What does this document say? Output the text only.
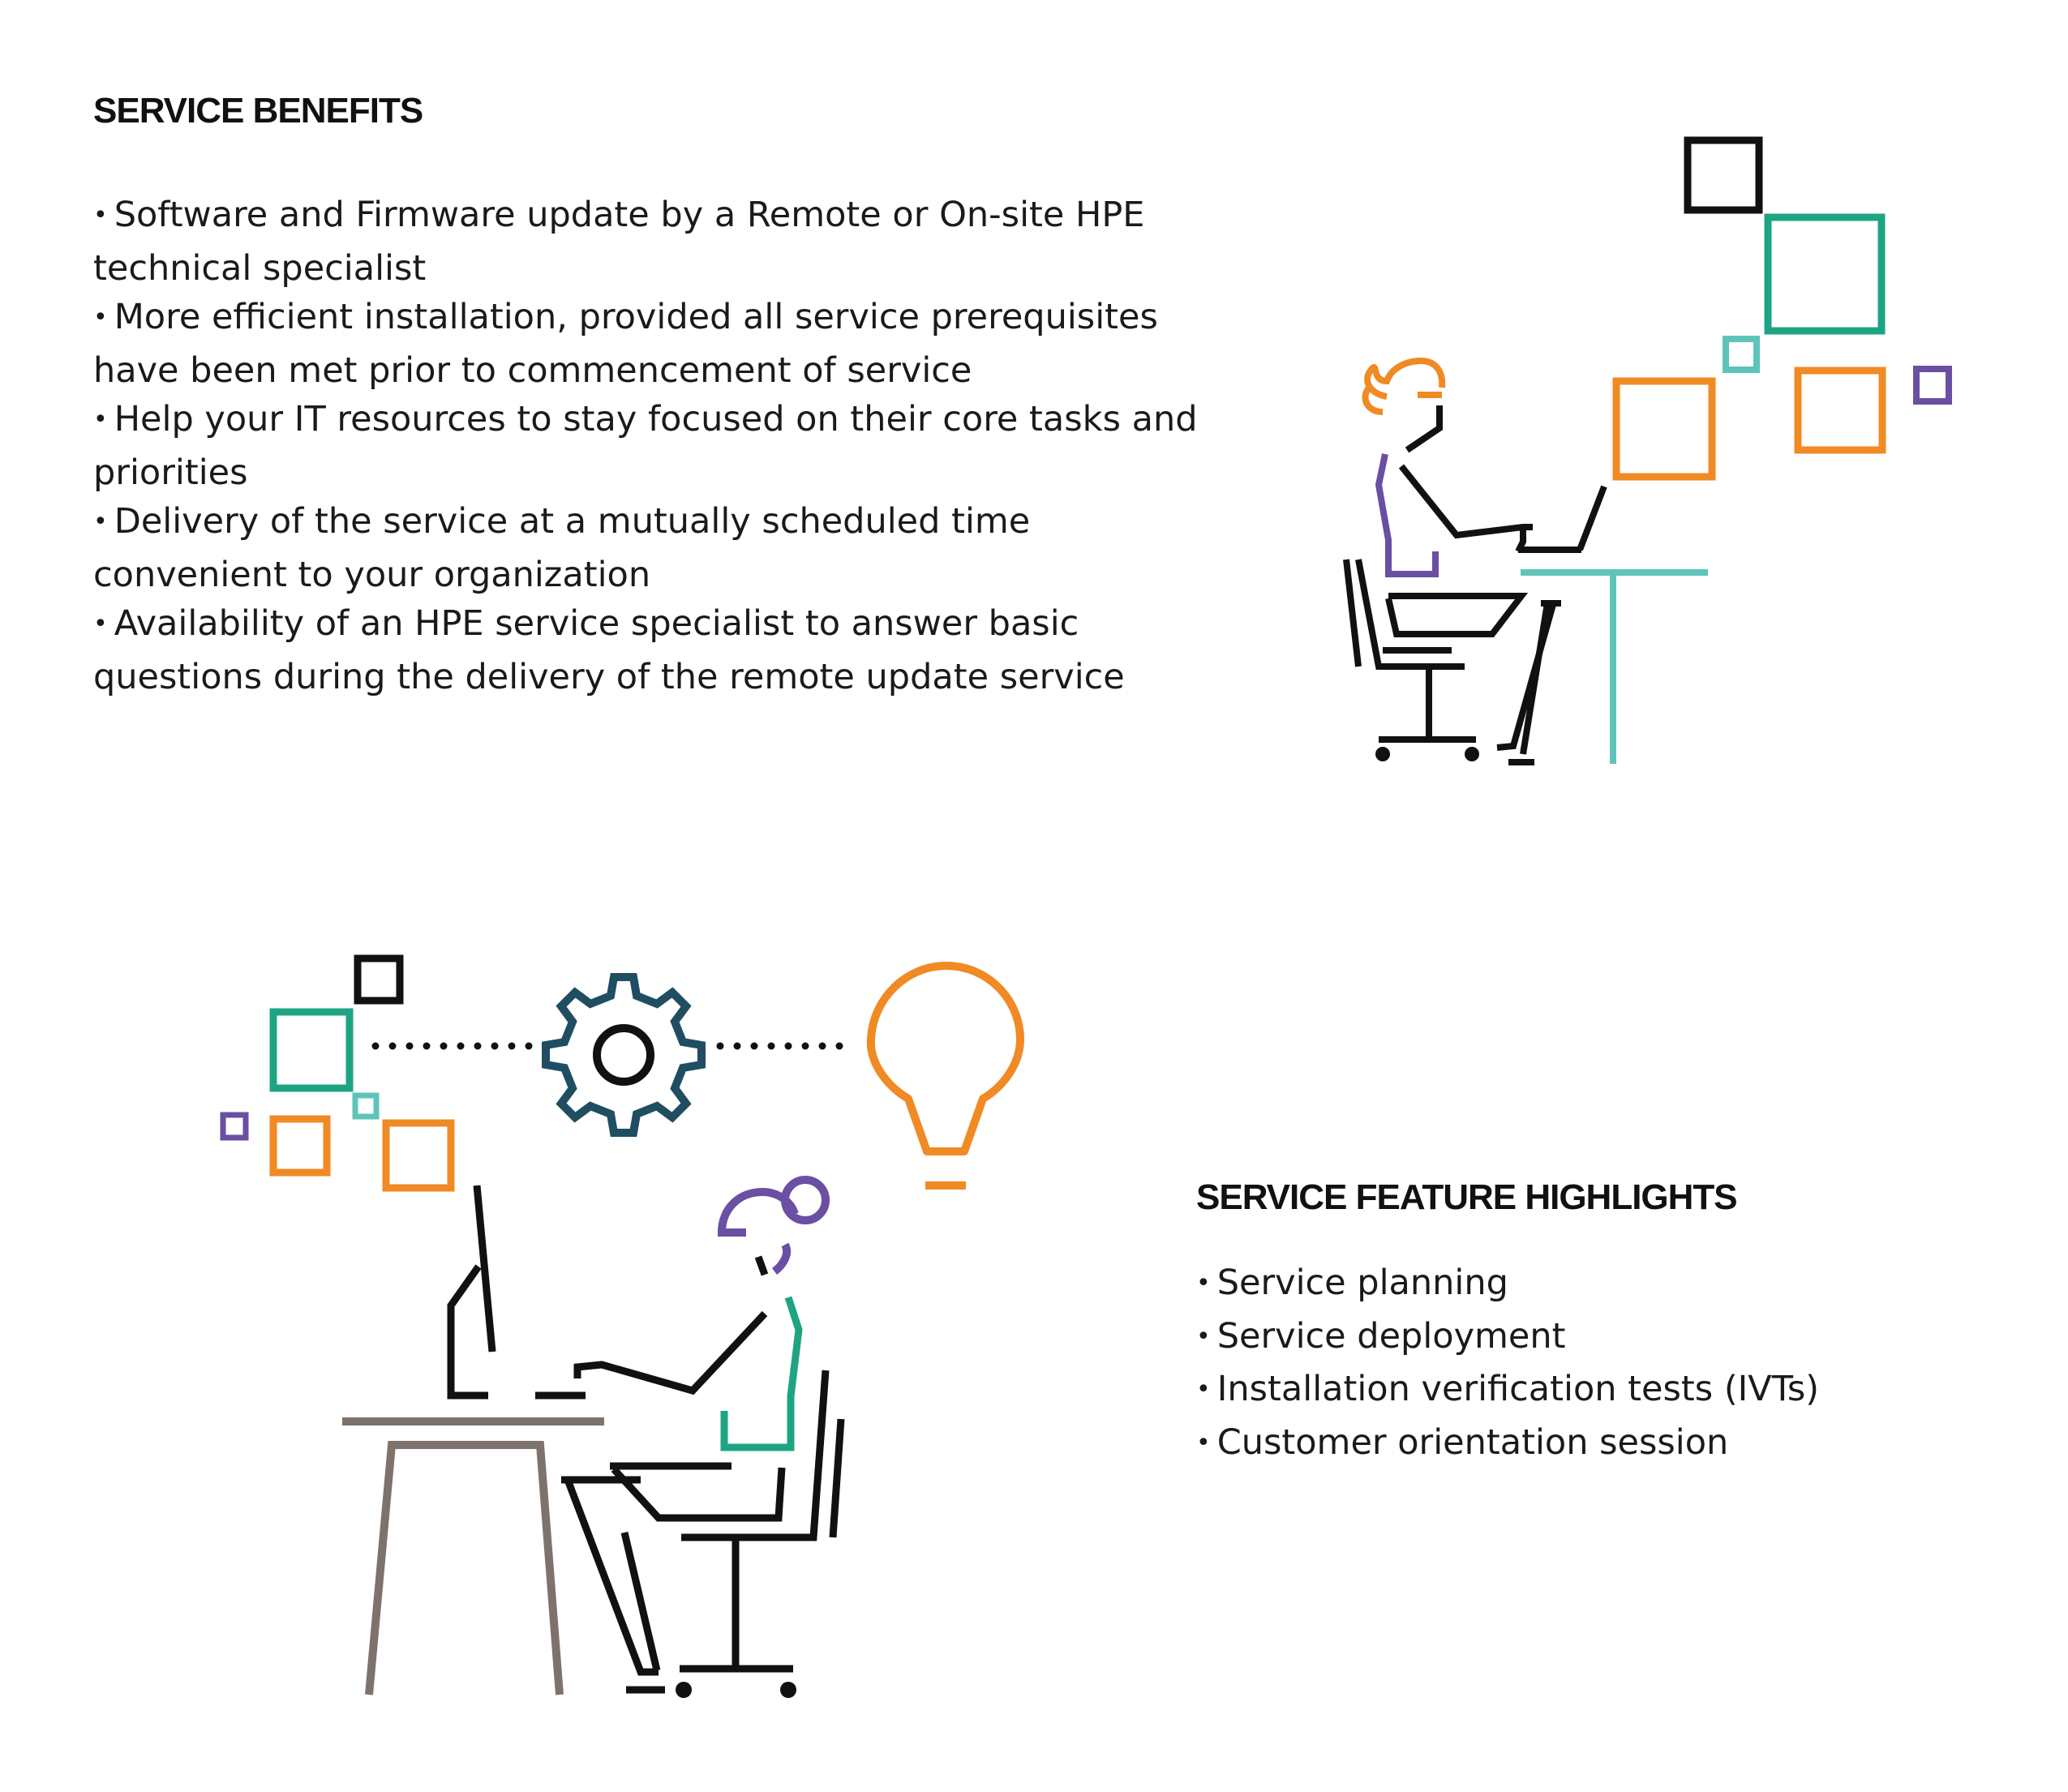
SERVICE BENEFITS
• Software and Firmware update by a Remote or On-site HPE technical specialist
• More efficient installation, provided all service prerequisites have been met prior to commencement of service
• Help your IT resources to stay focused on their core tasks and priorities
• Delivery of the service at a mutually scheduled time convenient to your organization
• Availability of an HPE service specialist to answer basic questions during the delivery of the remote update service
SERVICE FEATURE HIGHLIGHTS
• Service planning
• Service deployment
• Installation verification tests (IVTs)
• Customer orientation session
